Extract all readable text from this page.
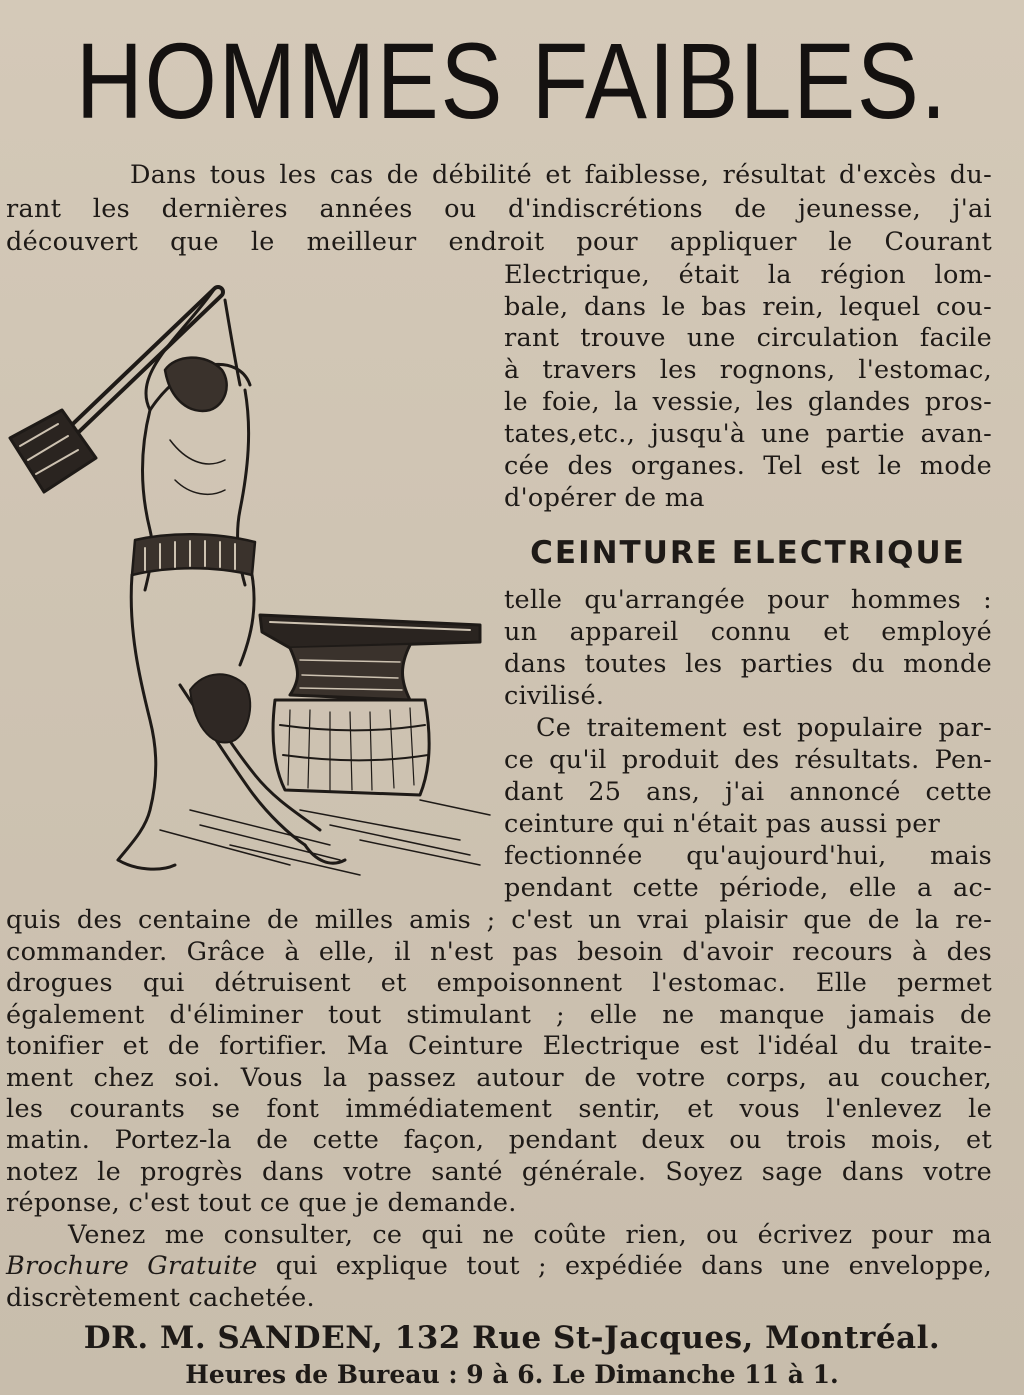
HOMMES FAIBLES.
Dans tous les cas de débilité et faiblesse, résultat d'excès du-
rant les dernières années ou d'indiscrétions de jeunesse, j'ai
découvert que le meilleur endroit pour appliquer le Courant
Electrique, était la région lom-
bale, dans le bas rein, lequel cou-
rant trouve une circulation facile
à travers les rognons, l'estomac,
le foie, la vessie, les glandes pros-
tates,etc., jusqu'à une partie avan-
cée des organes. Tel est le mode
d'opérer de ma
CEINTURE ELECTRIQUE
telle qu'arrangée pour hommes :
un appareil connu et employé
dans toutes les parties du monde
civilisé.
Ce traitement est populaire par-
ce qu'il produit des résultats. Pen-
dant 25 ans, j'ai annoncé cette
ceinture qui n'était pas aussi per
fectionnée qu'aujourd'hui, mais
pendant cette période, elle a ac-
quis des centaine de milles amis ; c'est un vrai plaisir que de la re-
commander. Grâce à elle, il n'est pas besoin d'avoir recours à des
drogues qui détruisent et empoisonnent l'estomac. Elle permet
également d'éliminer tout stimulant ; elle ne manque jamais de
tonifier et de fortifier. Ma Ceinture Electrique est l'idéal du traite-
ment chez soi. Vous la passez autour de votre corps, au coucher,
les courants se font immédiatement sentir, et vous l'enlevez le
matin. Portez-la de cette façon, pendant deux ou trois mois, et
notez le progrès dans votre santé générale. Soyez sage dans votre
réponse, c'est tout ce que je demande.
Venez me consulter, ce qui ne coûte rien, ou écrivez pour ma
Brochure Gratuite qui explique tout ; expédiée dans une enveloppe,
discrètement cachetée.
DR. M. SANDEN, 132 Rue St-Jacques, Montréal.
Heures de Bureau : 9 à 6. Le Dimanche 11 à 1.
